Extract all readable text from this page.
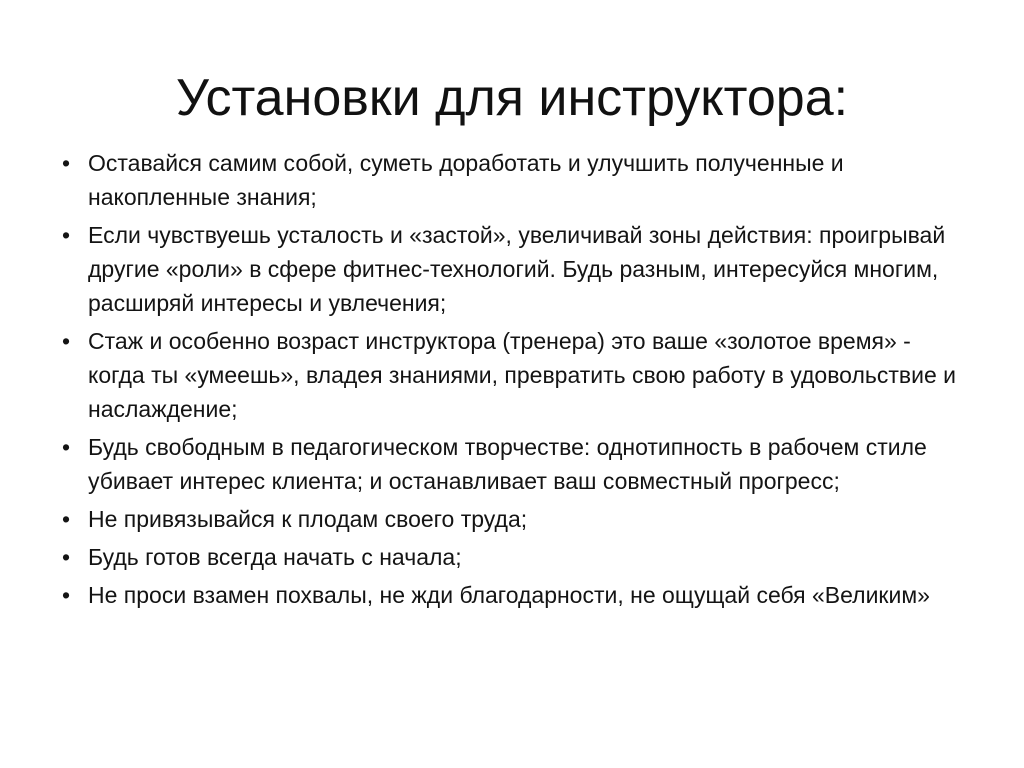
Установки для инструктора:
• Оставайся самим собой, суметь доработать и улучшить полученные и накопленные знания;
• Если чувствуешь усталость и «застой», увеличивай зоны действия: проигрывай другие «роли» в сфере фитнес-технологий. Будь разным, интересуйся многим, расширяй интересы и увлечения;
• Стаж и особенно возраст инструктора (тренера) это ваше «золотое время» - когда ты «умеешь», владея знаниями, превратить свою работу в удовольствие и наслаждение;
• Будь свободным в педагогическом творчестве: однотипность в рабочем стиле убивает интерес клиента; и останавливает ваш совместный прогресс;
• Не привязывайся к плодам своего труда;
• Будь готов всегда начать с начала;
• Не проси взамен похвалы, не жди благодарности, не ощущай себя «Великим»
